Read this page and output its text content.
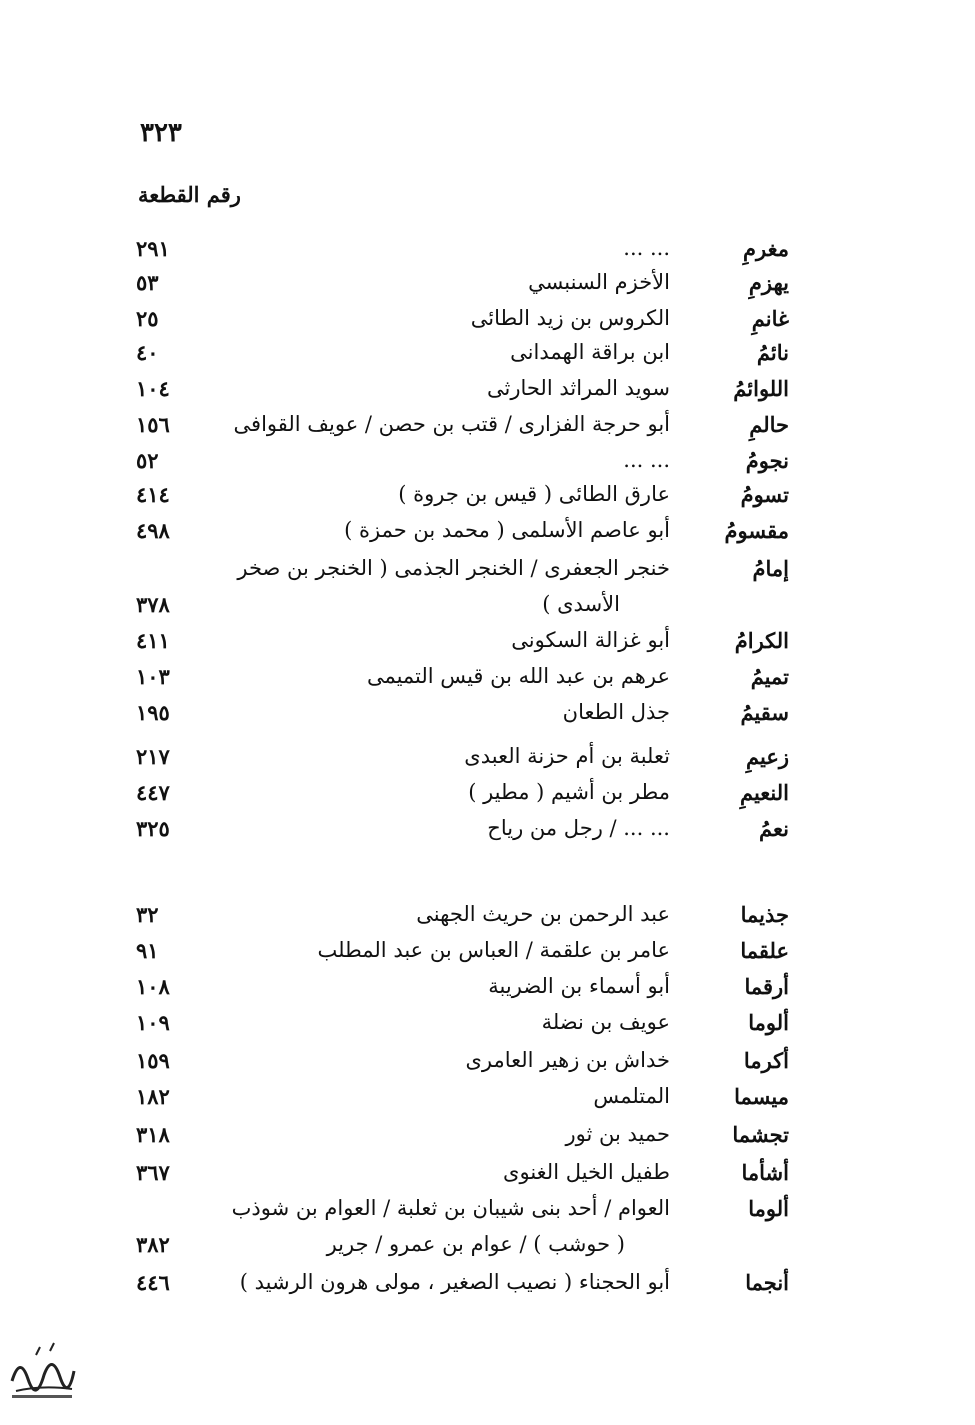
٣٢٣
رقم القطعة
مغرمِ
... ...
٢٩١
يهزمِ
الأخزم السنبسي
٥٣
غانمِ
الكروس بن زيد الطائى
٢٥
نائمُ
ابن براقة الهمدانى
٤٠
اللوائمُ
سويد المراثد الحارثى
١٠٤
حالمِ
أبو حرجة الفزارى / قتب بن حصن / عويف القوافى
١٥٦
نجومُ
... ...
٥٢
تسومُ
عارق الطائى ( قيس بن جروة )
٤١٤
مقسومُ
أبو عاصم الأسلمى ( محمد بن حمزة )
٤٩٨
إمامُ
خنجر الجعفرى / الخنجر الجذمى ( الخنجر بن صخر
الأسدى )
٣٧٨
الكرامُ
أبو غزالة السكونى
٤١١
تميمُ
عرهم بن عبد الله بن قيس التميمى
١٠٣
سقيمُ
جذل الطعان
١٩٥
زعيمِ
ثعلبة بن أم حزنة العبدى
٢١٧
النعيمِ
مطر بن أشيم ( مطير )
٤٤٧
نعمُ
... ... / رجل من رياح
٣٢٥
جذيما
عبد الرحمن بن حريث الجهنى
٣٢
علقما
عامر بن علقمة / العباس بن عبد المطلب
٩١
أرقما
أبو أسماء بن الضريبة
١٠٨
ألوما
عويف بن نضلة
١٠٩
أكرما
خداش بن زهير العامرى
١٥٩
ميسما
المتلمس
١٨٢
تجشما
حميد بن ثور
٣١٨
أشأما
طفيل الخيل الغنوى
٣٦٧
ألوما
العوام / أحد بنى شيبان بن ثعلبة / العوام بن شوذب
( حوشب ) / عوام بن عمرو / جرير
٣٨٢
أنجما
أبو الحجناء ( نصيب الصغير ، مولى هرون الرشيد )
٤٤٦
